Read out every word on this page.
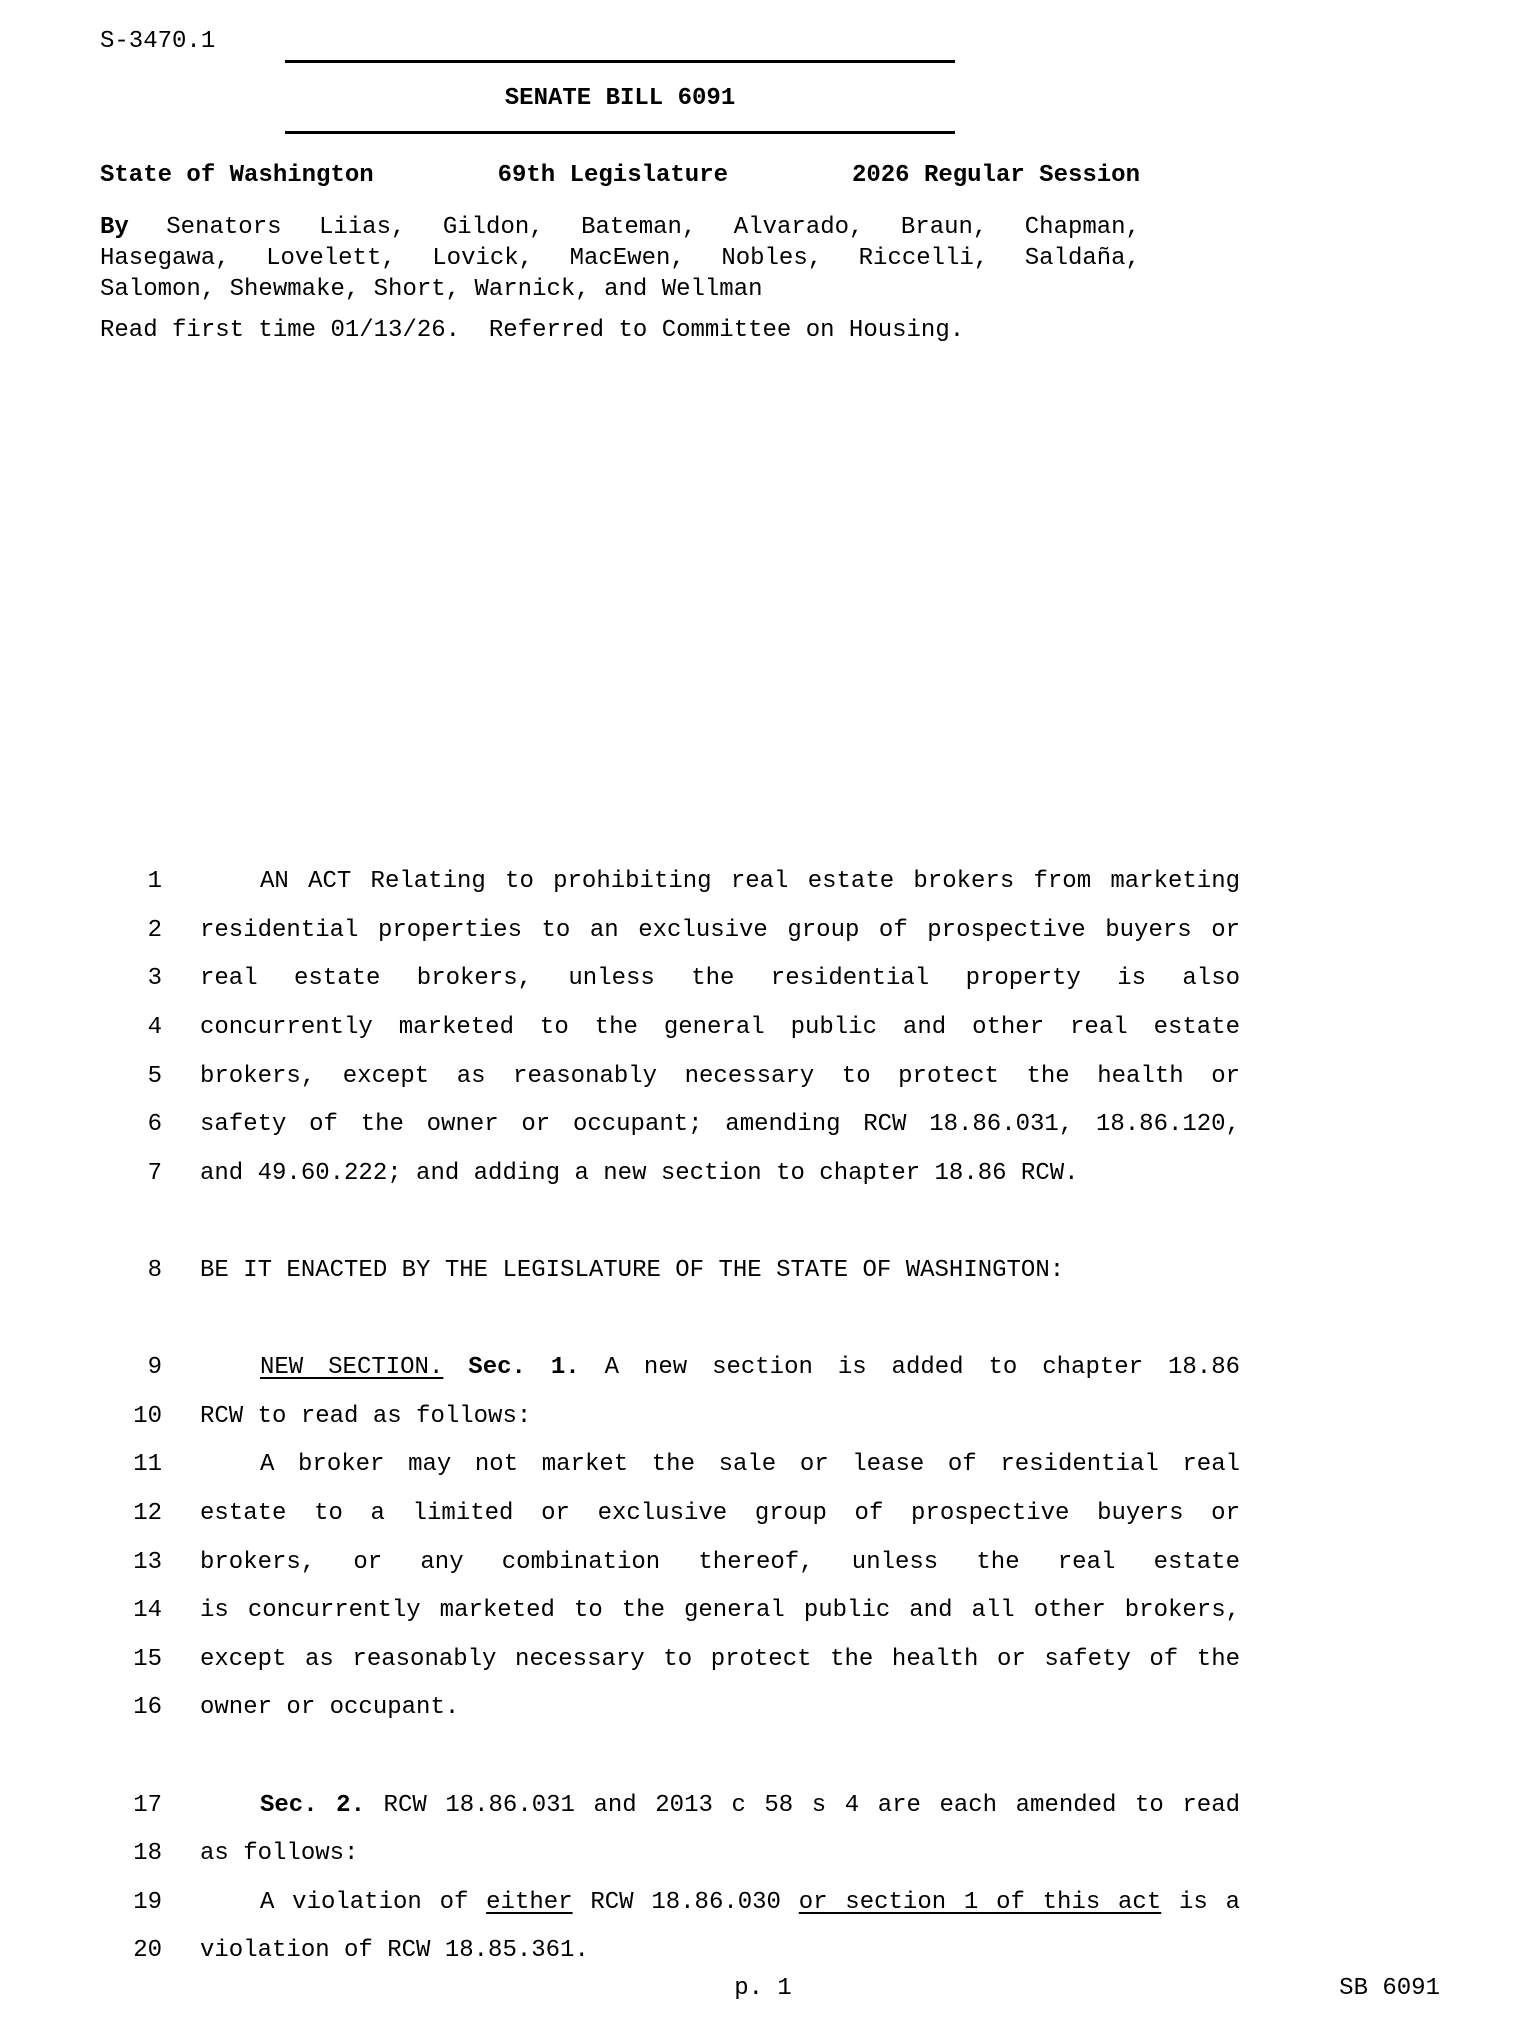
S-3470.1
SENATE BILL 6091
State of Washington	69th Legislature	2026 Regular Session
By Senators Liias, Gildon, Bateman, Alvarado, Braun, Chapman,
Hasegawa, Lovelett, Lovick, MacEwen, Nobles, Riccelli, Saldaña,
Salomon, Shewmake, Short, Warnick, and Wellman
Read first time 01/13/26.  Referred to Committee on Housing.
1	AN ACT Relating to prohibiting real estate brokers from marketing
2 residential properties to an exclusive group of prospective buyers or
3 real estate brokers, unless the residential property is also
4 concurrently marketed to the general public and other real estate
5 brokers, except as reasonably necessary to protect the health or
6 safety of the owner or occupant; amending RCW 18.86.031, 18.86.120,
7 and 49.60.222; and adding a new section to chapter 18.86 RCW.
8 BE IT ENACTED BY THE LEGISLATURE OF THE STATE OF WASHINGTON:
9	NEW SECTION. Sec. 1. A new section is added to chapter 18.86
10 RCW to read as follows:
11	A broker may not market the sale or lease of residential real
12 estate to a limited or exclusive group of prospective buyers or
13 brokers, or any combination thereof, unless the real estate
14 is concurrently marketed to the general public and all other brokers,
15 except as reasonably necessary to protect the health or safety of the
16 owner or occupant.
17	Sec. 2. RCW 18.86.031 and 2013 c 58 s 4 are each amended to read
18 as follows:
19	A violation of either RCW 18.86.030 or section 1 of this act is a
20 violation of RCW 18.85.361.
p. 1	SB 6091
